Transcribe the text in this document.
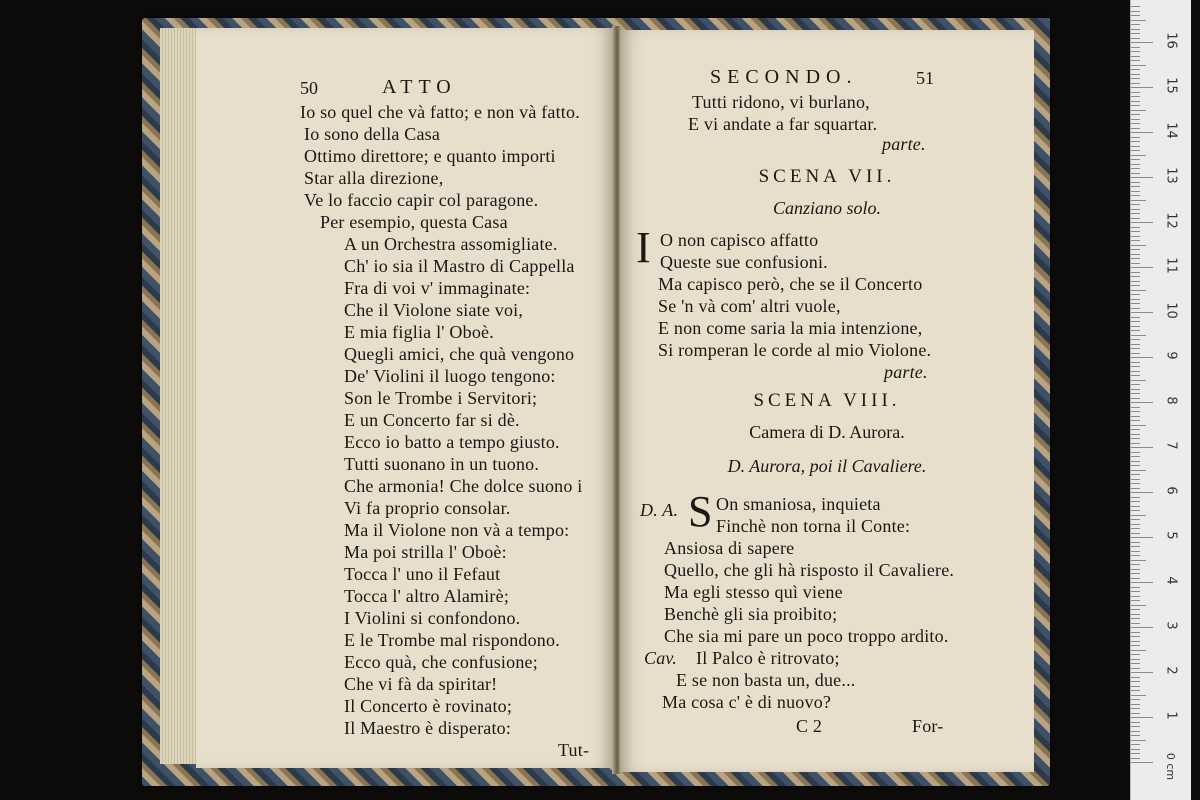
50	ATTO
Io so quel che và fatto; e non và fatto.
Io sono della Casa
Ottimo direttore; e quanto importi
Star alla direzione,
Ve lo faccio capir col paragone.
Per esempio, questa Casa
A un Orchestra assomigliate.
Ch' io sia il Mastro di Cappella
Fra di voi v' immaginate:
Che il Violone siate voi,
E mia figlia l' Oboè.
Quegli amici, che quà vengono
De' Violini il luogo tengono:
Son le Trombe i Servitori;
E un Concerto far si dè.
Ecco io batto a tempo giusto.
Tutti suonano in un tuono.
Che armonia! Che dolce suono i
Vi fa proprio consolar.
Ma il Violone non và a tempo:
Ma poi strilla l' Oboè:
Tocca l' uno il Fefaut
Tocca l' altro Alamirè;
I Violini si confondono.
E le Trombe mal rispondono.
Ecco quà, che confusione;
Che vi fà da spiritar!
Il Concerto è rovinato;
Il Maestro è disperato:
Tut-
SECONDO.	51
Tutti ridono, vi burlano,
E vi andate a far squartar.
parte.
SCENA VII.
Canziano solo.
I O non capisco affatto
Queste sue confusioni.
Ma capisco però, che se il Concerto
Se 'n và com' altri vuole,
E non come saria la mia intenzione,
Si romperan le corde al mio Violone.
parte.
SCENA VIII.
Camera di D. Aurora.
D. Aurora, poi il Cavaliere.
D. A. S On smaniosa, inquieta
Finchè non torna il Conte:
Ansiosa di sapere
Quello, che gli hà risposto il Cavaliere.
Ma egli stesso quì viene
Benchè gli sia proibito;
Che sia mi pare un poco troppo ardito.
Cav. Il Palco è ritrovato;
E se non basta un, due...
Ma cosa c' è di nuovo?
C 2	For-
0 cm
1
2
3
4
5
6
7
8
9
10
11
12
13
14
15
16
